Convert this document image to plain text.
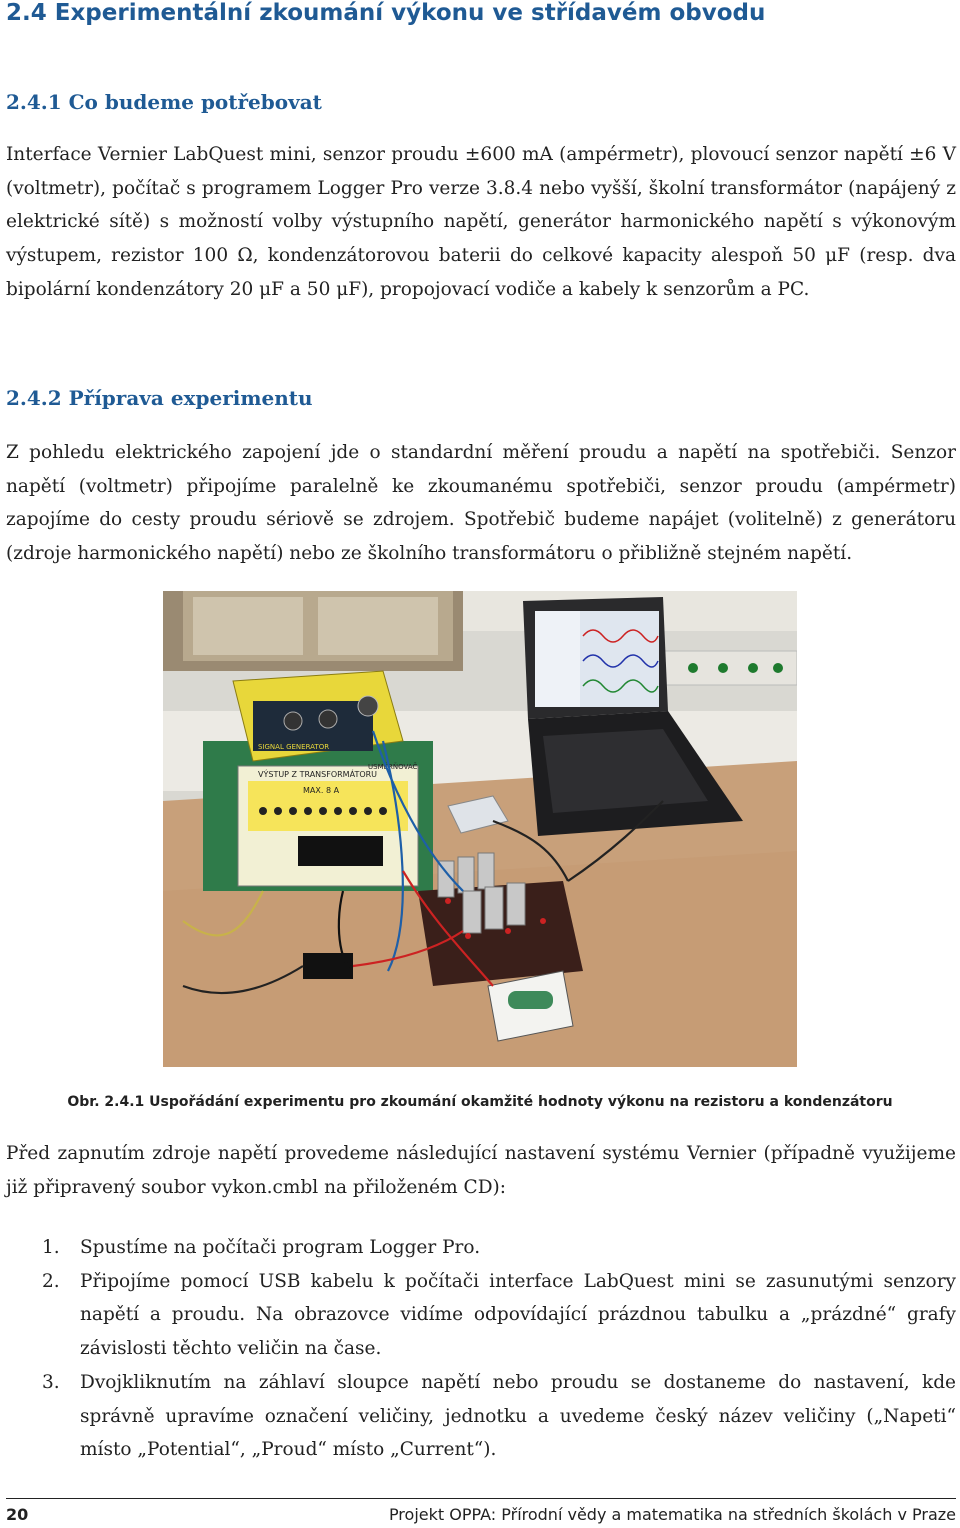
2.4 Experimentální zkoumání výkonu ve střídavém obvodu
2.4.1 Co budeme potřebovat

Interface Vernier LabQuest mini, senzor proudu ±600 mA (ampérmetr), plovoucí senzor napětí ±6 V (voltmetr), počítač s programem Logger Pro verze 3.8.4 nebo vyšší, školní transformátor (napájený z elektrické sítě) s možností volby výstupního napětí, generátor harmonického napětí s výkonovým výstupem, rezistor 100 Ω, kondenzátorovou baterii do celkové kapacity alespoň 50 μF (resp. dva bipolární kondenzátory 20 μF a 50 μF), propojovací vodiče a kabely k senzorům a PC.

2.4.2 Příprava experimentu

Z pohledu elektrického zapojení jde o standardní měření proudu a napětí na spotřebiči. Senzor napětí (voltmetr) připojíme paralelně ke zkoumanému spotřebiči, senzor proudu (ampérmetr) zapojíme do cesty proudu sériově se zdrojem. Spotřebič budeme napájet (volitelně) z generátoru (zdroje harmonického napětí) nebo ze školního transformátoru o přibližně stejném napětí.

SIGNAL GENERATOR
VÝSTUP Z TRANSFORMÁTORU
MAX. 8 A
USMĚRŇOVAČ
Obr. 2.4.1 Uspořádání experimentu pro zkoumání okamžité hodnoty výkonu na rezistoru a kondenzátoru

Před zapnutím zdroje napětí provedeme následující nastavení systému Vernier (případně využijeme již připravený soubor vykon.cmbl na přiloženém CD):

1. Spustíme na počítači program Logger Pro.
2. Připojíme pomocí USB kabelu k počítači interface LabQuest mini se zasunutými senzory napětí a proudu. Na obrazovce vidíme odpovídající prázdnou tabulku a „prázdné“ grafy závislosti těchto veličin na čase.
3. Dvojkliknutím na záhlaví sloupce napětí nebo proudu se dostaneme do nastavení, kde správně upravíme označení veličiny, jednotku a uvedeme český název veličiny („Napeti“ místo „Potential“, „Proud“ místo „Current“).
20	Projekt OPPA: Přírodní vědy a matematika na středních školách v Praze
